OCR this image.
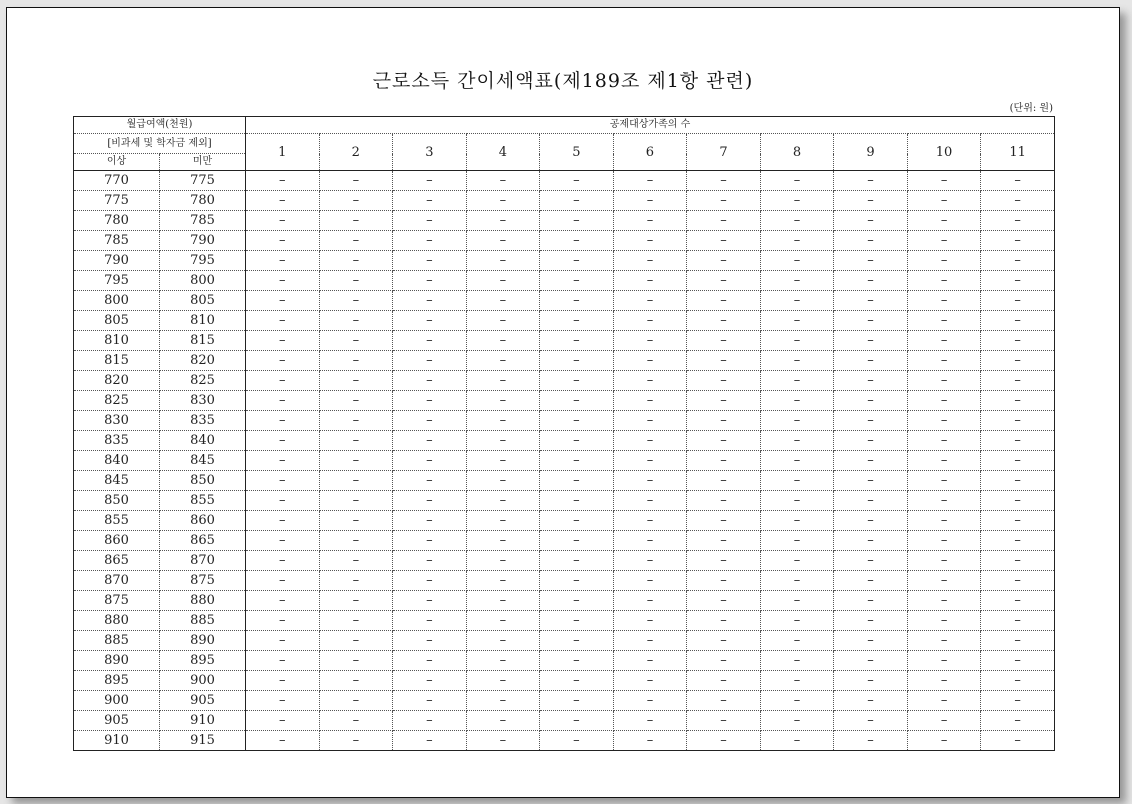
근로소득 간이세액표(제189조 제1항 관련)
(단위: 원)
월급여액(천원)		공제대상가족의 수										
[비과세 및 학자금 제외]		1	2	3	4	5	6	7	8	9	10	11
이상	미만											
770	775	–	–	–	–	–	–	–	–	–	–	–
775	780	–	–	–	–	–	–	–	–	–	–	–
780	785	–	–	–	–	–	–	–	–	–	–	–
785	790	–	–	–	–	–	–	–	–	–	–	–
790	795	–	–	–	–	–	–	–	–	–	–	–
795	800	–	–	–	–	–	–	–	–	–	–	–
800	805	–	–	–	–	–	–	–	–	–	–	–
805	810	–	–	–	–	–	–	–	–	–	–	–
810	815	–	–	–	–	–	–	–	–	–	–	–
815	820	–	–	–	–	–	–	–	–	–	–	–
820	825	–	–	–	–	–	–	–	–	–	–	–
825	830	–	–	–	–	–	–	–	–	–	–	–
830	835	–	–	–	–	–	–	–	–	–	–	–
835	840	–	–	–	–	–	–	–	–	–	–	–
840	845	–	–	–	–	–	–	–	–	–	–	–
845	850	–	–	–	–	–	–	–	–	–	–	–
850	855	–	–	–	–	–	–	–	–	–	–	–
855	860	–	–	–	–	–	–	–	–	–	–	–
860	865	–	–	–	–	–	–	–	–	–	–	–
865	870	–	–	–	–	–	–	–	–	–	–	–
870	875	–	–	–	–	–	–	–	–	–	–	–
875	880	–	–	–	–	–	–	–	–	–	–	–
880	885	–	–	–	–	–	–	–	–	–	–	–
885	890	–	–	–	–	–	–	–	–	–	–	–
890	895	–	–	–	–	–	–	–	–	–	–	–
895	900	–	–	–	–	–	–	–	–	–	–	–
900	905	–	–	–	–	–	–	–	–	–	–	–
905	910	–	–	–	–	–	–	–	–	–	–	–
910	915	–	–	–	–	–	–	–	–	–	–	–
